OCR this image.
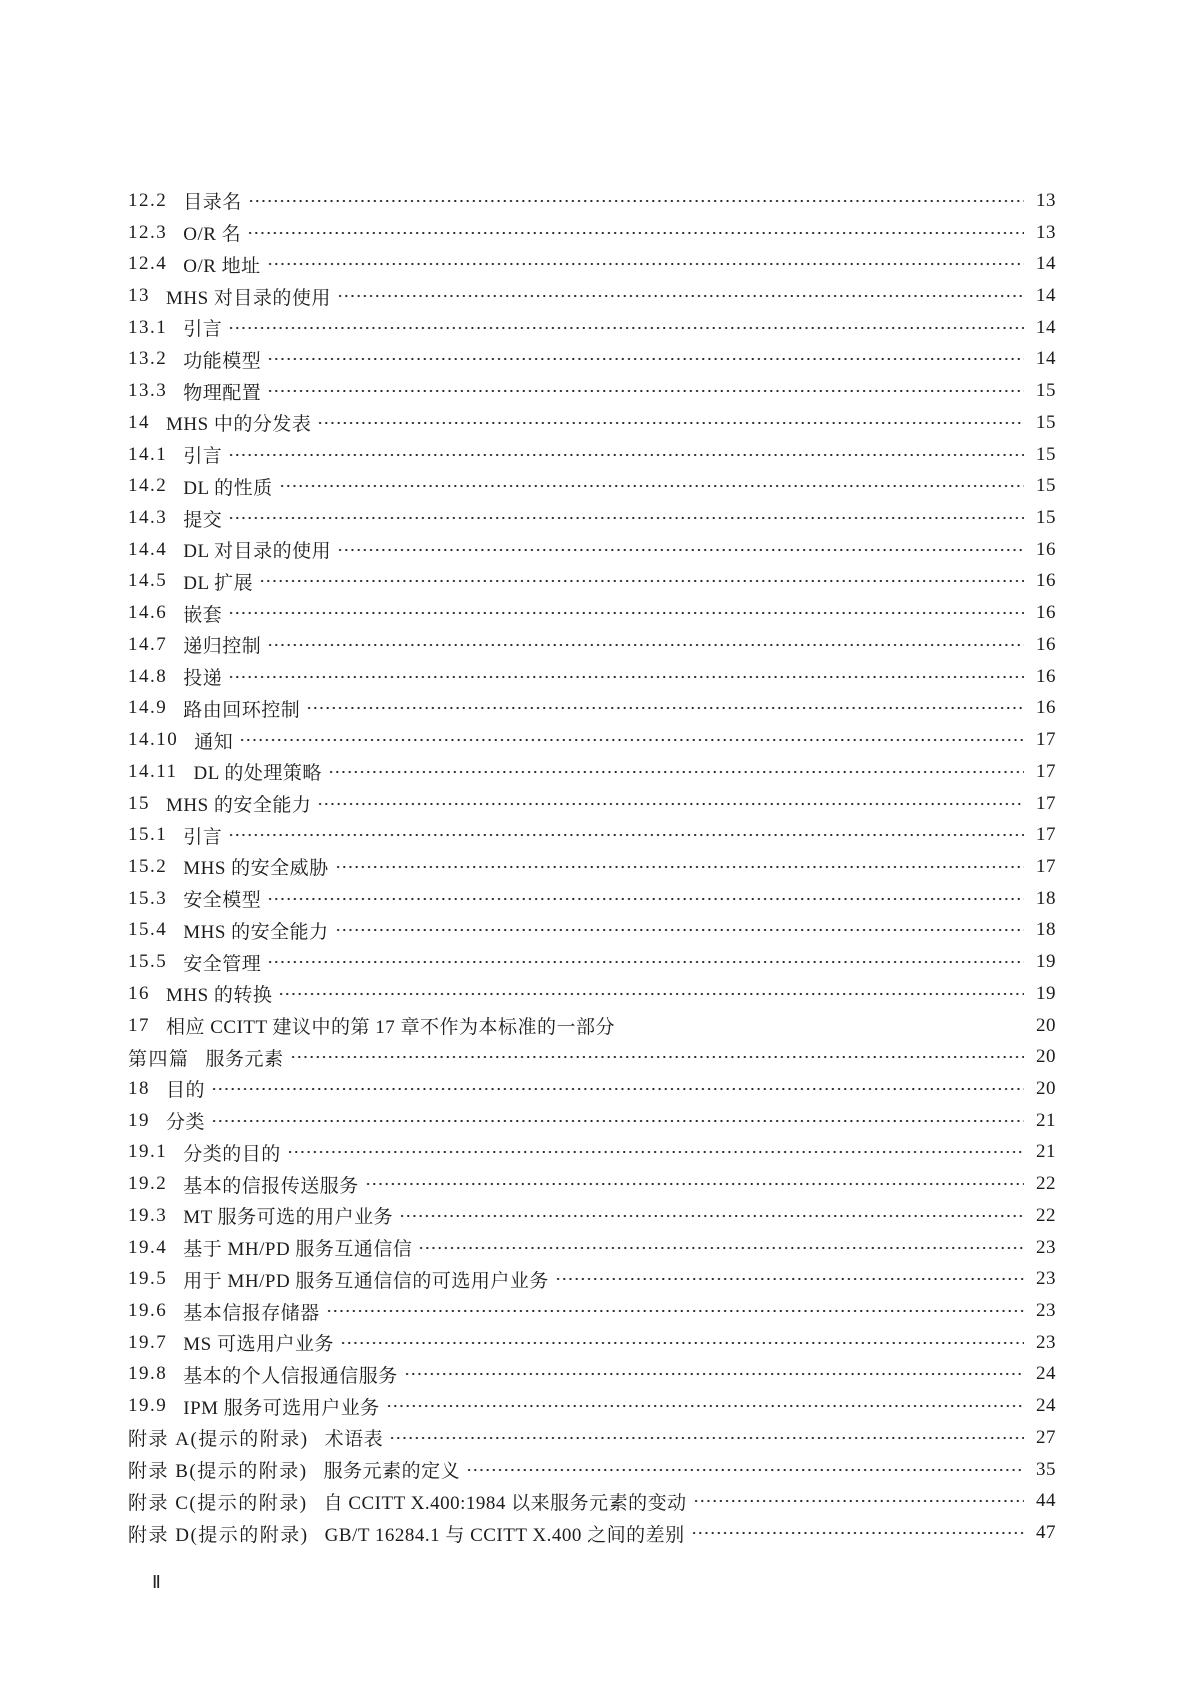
12.2 目录名	13
12.3 O/R 名	13
12.4 O/R 地址	14
13 MHS 对目录的使用	14
13.1 引言	14
13.2 功能模型	14
13.3 物理配置	15
14 MHS 中的分发表	15
14.1 引言	15
14.2 DL 的性质	15
14.3 提交	15
14.4 DL 对目录的使用	16
14.5 DL 扩展	16
14.6 嵌套	16
14.7 递归控制	16
14.8 投递	16
14.9 路由回环控制	16
14.10 通知	17
14.11 DL 的处理策略	17
15 MHS 的安全能力	17
15.1 引言	17
15.2 MHS 的安全威胁	17
15.3 安全模型	18
15.4 MHS 的安全能力	18
15.5 安全管理	19
16 MHS 的转换	19
17 相应 CCITT 建议中的第 17 章不作为本标准的一部分	20
第四篇 服务元素	20
18 目的	20
19 分类	21
19.1 分类的目的	21
19.2 基本的信报传送服务	22
19.3 MT 服务可选的用户业务	22
19.4 基于 MH/PD 服务互通信信	23
19.5 用于 MH/PD 服务互通信信的可选用户业务	23
19.6 基本信报存储器	23
19.7 MS 可选用户业务	23
19.8 基本的个人信报通信服务	24
19.9 IPM 服务可选用户业务	24
附录 A(提示的附录) 术语表	27
附录 B(提示的附录) 服务元素的定义	35
附录 C(提示的附录) 自 CCITT X.400:1984 以来服务元素的变动	44
附录 D(提示的附录) GB/T 16284.1 与 CCITT X.400 之间的差别	47
Ⅱ
